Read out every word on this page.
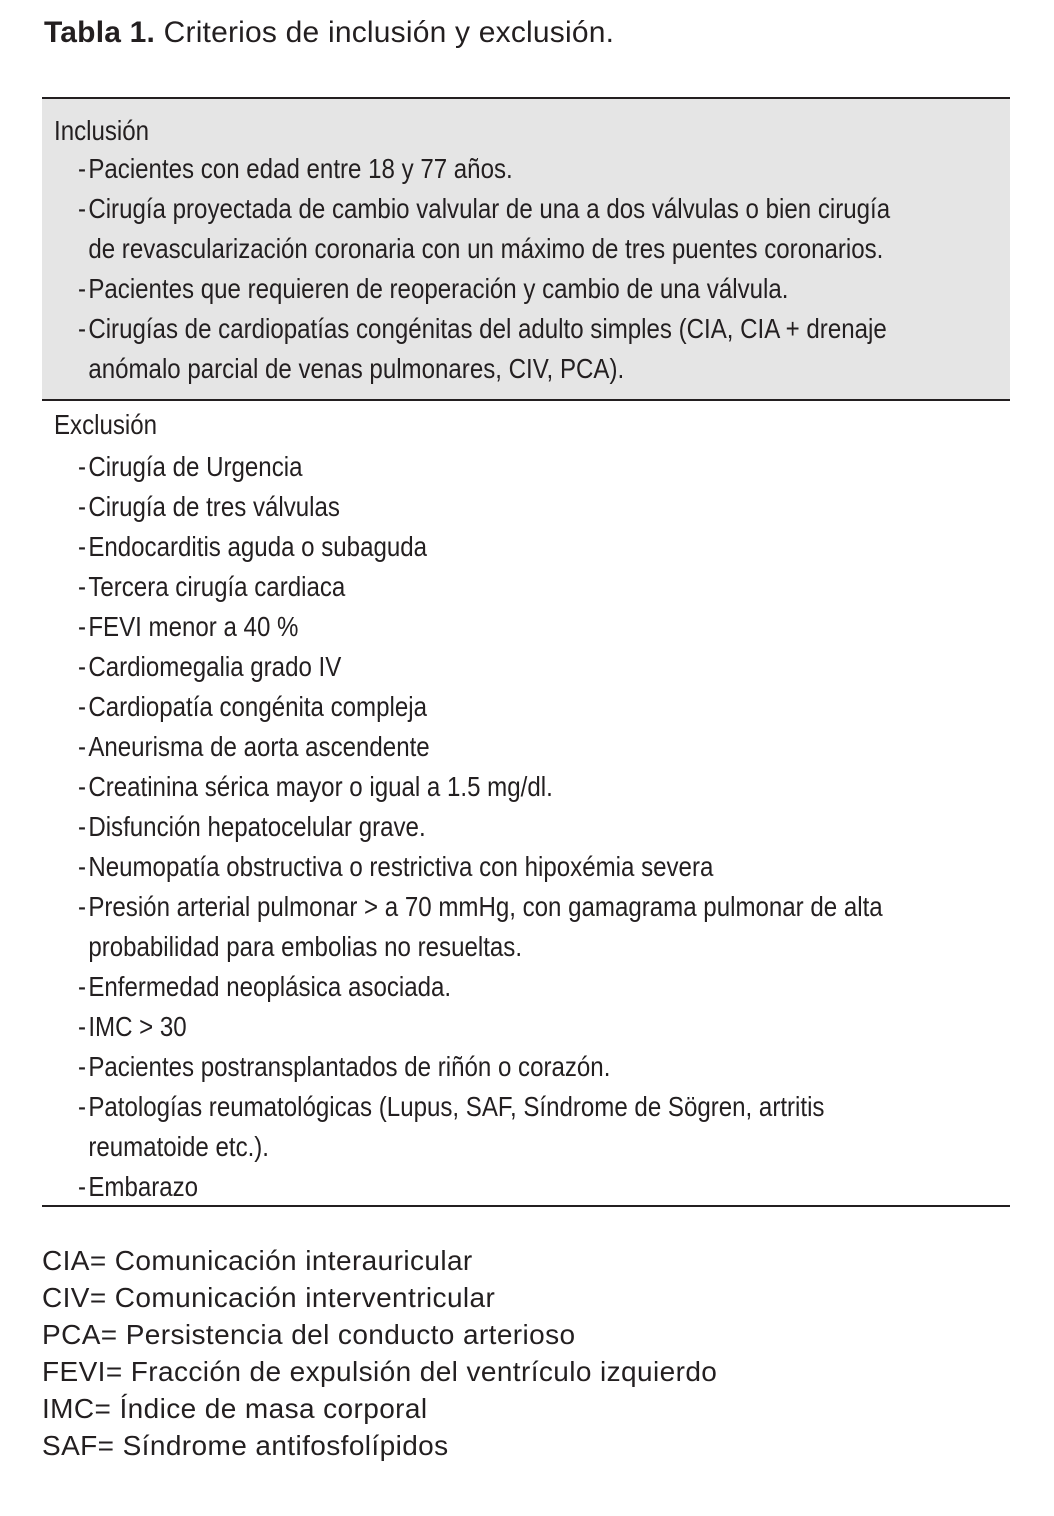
Tabla 1. Criterios de inclusión y exclusión.
Inclusión
- Pacientes con edad entre 18 y 77 años.
- Cirugía proyectada de cambio valvular de una a dos válvulas o bien cirugía
de revascularización coronaria con un máximo de tres puentes coronarios.
- Pacientes que requieren de reoperación y cambio de una válvula.
- Cirugías de cardiopatías congénitas del adulto simples (CIA, CIA + drenaje
anómalo parcial de venas pulmonares, CIV, PCA).
Exclusión
- Cirugía de Urgencia
- Cirugía de tres válvulas
- Endocarditis aguda o subaguda
- Tercera cirugía cardiaca
- FEVI menor a 40 %
- Cardiomegalia grado IV
- Cardiopatía congénita compleja
- Aneurisma de aorta ascendente
- Creatinina sérica mayor o igual a 1.5 mg/dl.
- Disfunción hepatocelular grave.
- Neumopatía obstructiva o restrictiva con hipoxémia severa
- Presión arterial pulmonar > a 70 mmHg, con gamagrama pulmonar de alta
probabilidad para embolias no resueltas.
- Enfermedad neoplásica asociada.
- IMC > 30
- Pacientes postransplantados de riñón o corazón.
- Patologías reumatológicas (Lupus, SAF, Síndrome de Sögren, artritis
reumatoide etc.).
- Embarazo
CIA= Comunicación interauricular
CIV= Comunicación interventricular
PCA= Persistencia del conducto arterioso
FEVI= Fracción de expulsión del ventrículo izquierdo
IMC= Índice de masa corporal
SAF= Síndrome antifosfolípidos
